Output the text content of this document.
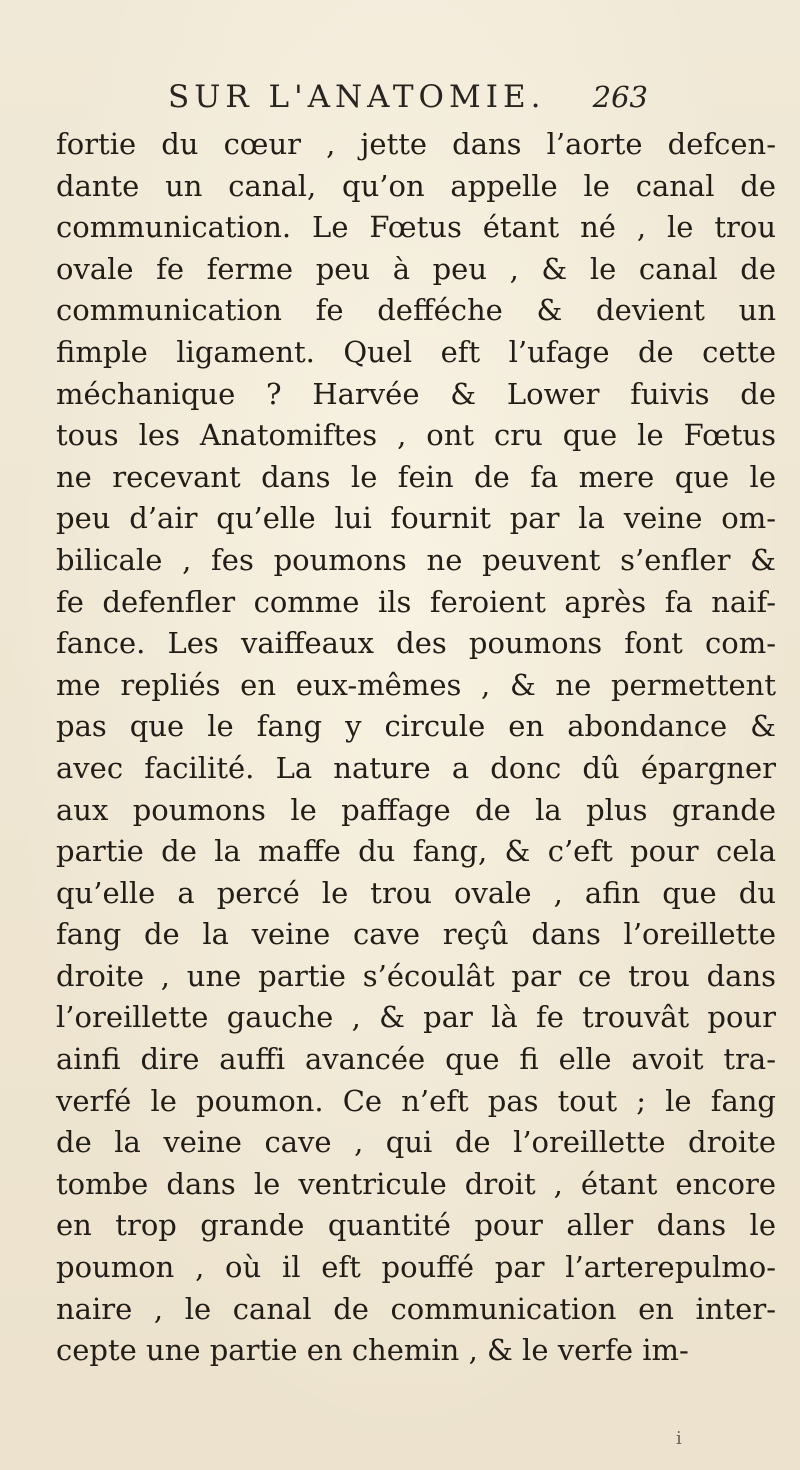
SUR L'ANATOMIE. 263
fortie du cœur , jette dans l’aorte defcen-
dante un canal, qu’on appelle le canal de
communication. Le Fœtus étant né , le trou
ovale fe ferme peu à peu , & le canal de
communication fe defféche & devient un
fimple ligament. Quel eft l’ufage de cette
méchanique ? Harvée & Lower fuivis de
tous les Anatomiftes , ont cru que le Fœtus
ne recevant dans le fein de fa mere que le
peu d’air qu’elle lui fournit par la veine om-
bilicale , fes poumons ne peuvent s’enfler &
fe defenfler comme ils feroient après fa naif-
fance. Les vaiffeaux des poumons font com-
me repliés en eux-mêmes , & ne permettent
pas que le fang y circule en abondance &
avec facilité. La nature a donc dû épargner
aux poumons le paffage de la plus grande
partie de la maffe du fang, & c’eft pour cela
qu’elle a percé le trou ovale , afin que du
fang de la veine cave reçû dans l’oreillette
droite , une partie s’écoulât par ce trou dans
l’oreillette gauche , & par là fe trouvât pour
ainfi dire auffi avancée que fi elle avoit tra-
verfé le poumon. Ce n’eft pas tout ; le fang
de la veine cave , qui de l’oreillette droite
tombe dans le ventricule droit , étant encore
en trop grande quantité pour aller dans le
poumon , où il eft pouffé par l’arterepulmo-
naire , le canal de communication en inter-
cepte une partie en chemin , & le verfe im-
i
